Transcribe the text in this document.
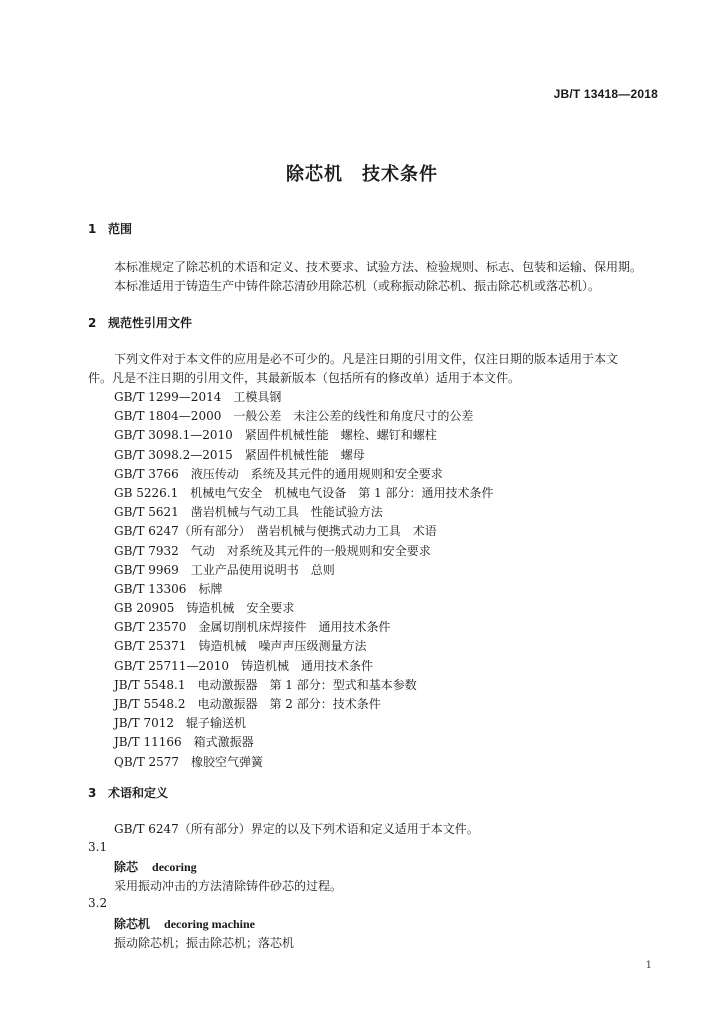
JB/T 13418—2018
除芯机　技术条件
1 范围
本标准规定了除芯机的术语和定义、技术要求、试验方法、检验规则、标志、包装和运输、保用期。
本标准适用于铸造生产中铸件除芯清砂用除芯机（或称振动除芯机、振击除芯机或落芯机）。
2 规范性引用文件
下列文件对于本文件的应用是必不可少的。凡是注日期的引用文件，仅注日期的版本适用于本文
件。凡是不注日期的引用文件，其最新版本（包括所有的修改单）适用于本文件。
GB/T 1299—2014　工模具钢
GB/T 1804—2000　一般公差　未注公差的线性和角度尺寸的公差
GB/T 3098.1—2010　紧固件机械性能　螺栓、螺钉和螺柱
GB/T 3098.2—2015　紧固件机械性能　螺母
GB/T 3766　液压传动　系统及其元件的通用规则和安全要求
GB 5226.1　机械电气安全　机械电气设备　第 1 部分：通用技术条件
GB/T 5621　凿岩机械与气动工具　性能试验方法
GB/T 6247（所有部分）　凿岩机械与便携式动力工具　术语
GB/T 7932　气动　对系统及其元件的一般规则和安全要求
GB/T 9969　工业产品使用说明书　总则
GB/T 13306　标牌
GB 20905　铸造机械　安全要求
GB/T 23570　金属切削机床焊接件　通用技术条件
GB/T 25371　铸造机械　噪声声压级测量方法
GB/T 25711—2010　铸造机械　通用技术条件
JB/T 5548.1　电动激振器　第 1 部分：型式和基本参数
JB/T 5548.2　电动激振器　第 2 部分：技术条件
JB/T 7012　辊子输送机
JB/T 11166　箱式激振器
QB/T 2577　橡胶空气弹簧
3 术语和定义
GB/T 6247（所有部分）界定的以及下列术语和定义适用于本文件。
3.1
除芯 decoring
采用振动冲击的方法清除铸件砂芯的过程。
3.2
除芯机 decoring machine
振动除芯机；振击除芯机；落芯机
1
